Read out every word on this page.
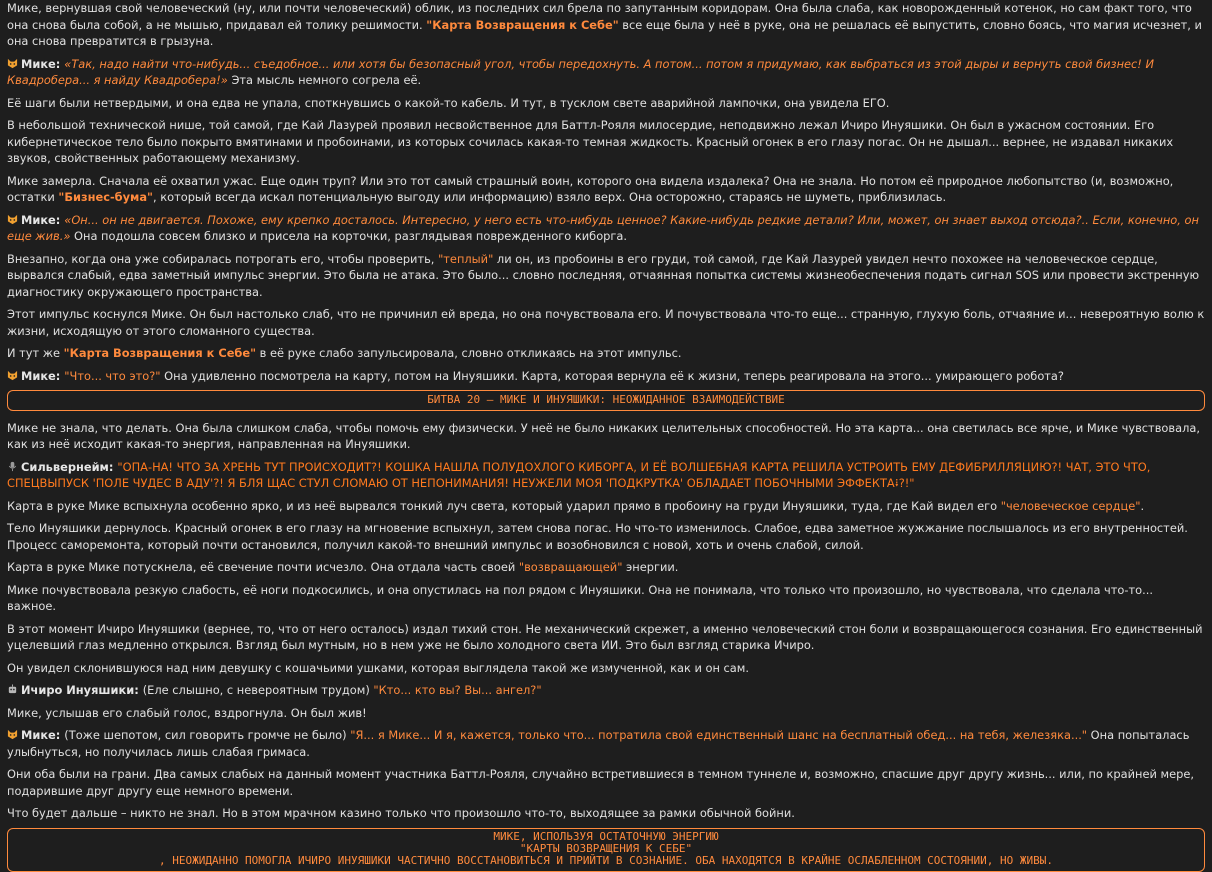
Мике, вернувшая свой человеческий (ну, или почти человеческий) облик, из последних сил брела по запутанным коридорам. Она была слаба, как новорожденный котенок, но сам факт того, что она снова была собой, а не мышью, придавал ей толику решимости. "Карта Возвращения к Себе" все еще была у неё в руке, она не решалась её выпустить, словно боясь, что магия исчезнет, и она снова превратится в грызуна.
Мике: «Так, надо найти что-нибудь... съедобное... или хотя бы безопасный угол, чтобы передохнуть. А потом... потом я придумаю, как выбраться из этой дыры и вернуть свой бизнес! И Квадробера... я найду Квадробера!» Эта мысль немного согрела её.
Её шаги были нетвердыми, и она едва не упала, споткнувшись о какой-то кабель. И тут, в тусклом свете аварийной лампочки, она увидела ЕГО.
В небольшой технической нише, той самой, где Кай Лазурей проявил несвойственное для Баттл-Рояля милосердие, неподвижно лежал Ичиро Инуяшики. Он был в ужасном состоянии. Его кибернетическое тело было покрыто вмятинами и пробоинами, из которых сочилась какая-то темная жидкость. Красный огонек в его глазу погас. Он не дышал... вернее, не издавал никаких звуков, свойственных работающему механизму.
Мике замерла. Сначала её охватил ужас. Еще один труп? Или это тот самый страшный воин, которого она видела издалека? Она не знала. Но потом её природное любопытство (и, возможно, остатки "Бизнес-бума", который всегда искал потенциальную выгоду или информацию) взяло верх. Она осторожно, стараясь не шуметь, приблизилась.
Мике: «Он... он не двигается. Похоже, ему крепко досталось. Интересно, у него есть что-нибудь ценное? Какие-нибудь редкие детали? Или, может, он знает выход отсюда?.. Если, конечно, он еще жив.» Она подошла совсем близко и присела на корточки, разглядывая поврежденного киборга.
Внезапно, когда она уже собиралась потрогать его, чтобы проверить, "теплый" ли он, из пробоины в его груди, той самой, где Кай Лазурей увидел нечто похожее на человеческое сердце, вырвался слабый, едва заметный импульс энергии. Это была не атака. Это было... словно последняя, отчаянная попытка системы жизнеобеспечения подать сигнал SOS или провести экстренную диагностику окружающего пространства.
Этот импульс коснулся Мике. Он был настолько слаб, что не причинил ей вреда, но она почувствовала его. И почувствовала что-то еще... странную, глухую боль, отчаяние и... невероятную волю к жизни, исходящую от этого сломанного существа.
И тут же "Карта Возвращения к Себе" в её руке слабо запульсировала, словно откликаясь на этот импульс.
Мике: "Что... что это?" Она удивленно посмотрела на карту, потом на Инуяшики. Карта, которая вернула её к жизни, теперь реагировала на этого... умирающего робота?
БИТВА 20 – МИКЕ И ИНУЯШИКИ: НЕОЖИДАННОЕ ВЗАИМОДЕЙСТВИЕ
Мике не знала, что делать. Она была слишком слаба, чтобы помочь ему физически. У неё не было никаких целительных способностей. Но эта карта... она светилась все ярче, и Мике чувствовала, как из неё исходит какая-то энергия, направленная на Инуяшики.
Сильвернейм: "ОПА-НА! ЧТО ЗА ХРЕНЬ ТУТ ПРОИСХОДИТ?! КОШКА НАШЛА ПОЛУДОХЛОГО КИБОРГА, И ЕЁ ВОЛШЕБНАЯ КАРТА РЕШИЛА УСТРОИТЬ ЕМУ ДЕФИБРИЛЛЯЦИЮ?! ЧАТ, ЭТО ЧТО, СПЕЦВЫПУСК 'ПОЛЕ ЧУДЕС В АДУ'?! Я БЛЯ ЩАС СТУЛ СЛОМАЮ ОТ НЕПОНИМАНИЯ! НЕУЖЕЛИ МОЯ 'ПОДКРУТКА' ОБЛАДАЕТ ПОБОЧНЫМИ ЭФФЕКТА⭭?!"
Карта в руке Мике вспыхнула особенно ярко, и из неё вырвался тонкий луч света, который ударил прямо в пробоину на груди Инуяшики, туда, где Кай видел его "человеческое сердце".
Тело Инуяшики дернулось. Красный огонек в его глазу на мгновение вспыхнул, затем снова погас. Но что-то изменилось. Слабое, едва заметное жужжание послышалось из его внутренностей. Процесс саморемонта, который почти остановился, получил какой-то внешний импульс и возобновился с новой, хоть и очень слабой, силой.
Карта в руке Мике потускнела, её свечение почти исчезло. Она отдала часть своей "возвращающей" энергии.
Мике почувствовала резкую слабость, её ноги подкосились, и она опустилась на пол рядом с Инуяшики. Она не понимала, что только что произошло, но чувствовала, что сделала что-то... важное.
В этот момент Ичиро Инуяшики (вернее, то, что от него осталось) издал тихий стон. Не механический скрежет, а именно человеческий стон боли и возвращающегося сознания. Его единственный уцелевший глаз медленно открылся. Взгляд был мутным, но в нем уже не было холодного света ИИ. Это был взгляд старика Ичиро.
Он увидел склонившуюся над ним девушку с кошачьими ушками, которая выглядела такой же измученной, как и он сам.
Ичиро Инуяшики: (Еле слышно, с невероятным трудом) "Кто... кто вы? Вы... ангел?"
Мике, услышав его слабый голос, вздрогнула. Он был жив!
Мике: (Тоже шепотом, сил говорить громче не было) "Я... я Мике... И я, кажется, только что... потратила свой единственный шанс на бесплатный обед... на тебя, железяка..." Она попыталась улыбнуться, но получилась лишь слабая гримаса.
Они оба были на грани. Два самых слабых на данный момент участника Баттл-Рояля, случайно встретившиеся в темном туннеле и, возможно, спасшие друг другу жизнь... или, по крайней мере, подарившие друг другу еще немного времени.
Что будет дальше – никто не знал. Но в этом мрачном казино только что произошло что-то, выходящее за рамки обычной бойни.
МИКЕ, ИСПОЛЬЗУЯ ОСТАТОЧНУЮ ЭНЕРГИЮ
"КАРТЫ ВОЗВРАЩЕНИЯ К СЕБЕ"
, НЕОЖИДАННО ПОМОГЛА ИЧИРО ИНУЯШИКИ ЧАСТИЧНО ВОССТАНОВИТЬСЯ И ПРИЙТИ В СОЗНАНИЕ. ОБА НАХОДЯТСЯ В КРАЙНЕ ОСЛАБЛЕННОМ СОСТОЯНИИ, НО ЖИВЫ.
